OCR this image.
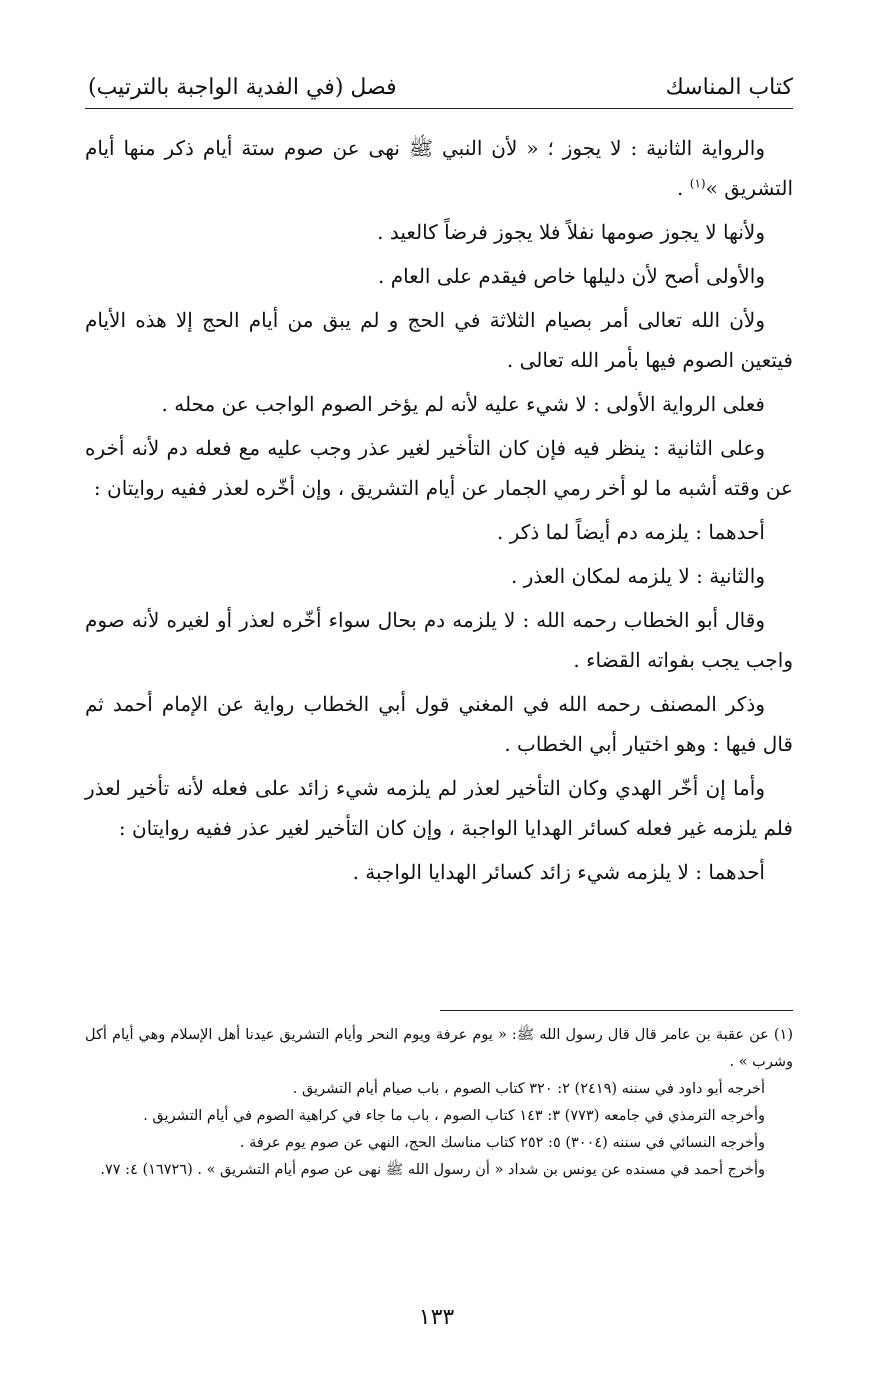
كتاب المناسك
فصل (في الفدية الواجبة بالترتيب)

والرواية الثانية : لا يجوز ؛ « لأن النبي ﷺ نهى عن صوم ستة أيام ذكر منها أيام التشريق »$^{(١)}$ .

ولأنها لا يجوز صومها نفلاً فلا يجوز فرضاً كالعيد .

والأولى أصح لأن دليلها خاص فيقدم على العام .

ولأن الله تعالى أمر بصيام الثلاثة في الحج و لم يبق من أيام الحج إلا هذه الأيام فيتعين الصوم فيها بأمر الله تعالى .

فعلى الرواية الأولى : لا شيء عليه لأنه لم يؤخر الصوم الواجب عن محله .

وعلى الثانية : ينظر فيه فإن كان التأخير لغير عذر وجب عليه مع فعله دم لأنه أخره عن وقته أشبه ما لو أخر رمي الجمار عن أيام التشريق ، وإن أخّره لعذر ففيه روايتان :

أحدهما : يلزمه دم أيضاً لما ذكر .

والثانية : لا يلزمه لمكان العذر .

وقال أبو الخطاب رحمه الله : لا يلزمه دم بحال سواء أخّره لعذر أو لغيره لأنه صوم واجب يجب بفواته القضاء .

وذكر المصنف رحمه الله في المغني قول أبي الخطاب رواية عن الإمام أحمد ثم قال فيها : وهو اختيار أبي الخطاب .

وأما إن أخّر الهدي وكان التأخير لعذر لم يلزمه شيء زائد على فعله لأنه تأخير لعذر فلم يلزمه غير فعله كسائر الهدايا الواجبة ، وإن كان التأخير لغير عذر ففيه روايتان :

أحدهما : لا يلزمه شيء زائد كسائر الهدايا الواجبة .

(١) عن عقبة بن عامر قال قال رسول الله ﷺ: « يوم عرفة ويوم النحر وأيام التشريق عيدنا أهل الإسلام وهي أيام أكل وشرب » .

أخرجه أبو داود في سننه (٢٤١٩) ٢: ٣٢٠ كتاب الصوم ، باب صيام أيام التشريق .

وأخرجه الترمذي في جامعه (٧٧٣) ٣: ١٤٣ كتاب الصوم ، باب ما جاء في كراهية الصوم في أيام التشريق .

وأخرجه النسائي في سننه (٣٠٠٤) ٥: ٢٥٢ كتاب مناسك الحج، النهي عن صوم يوم عرفة .

وأخرج أحمد في مسنده عن يونس بن شداد « أن رسول الله ﷺ نهى عن صوم أيام التشريق » . (١٦٧٢٦) ٤: ٧٧.

١٣٣
